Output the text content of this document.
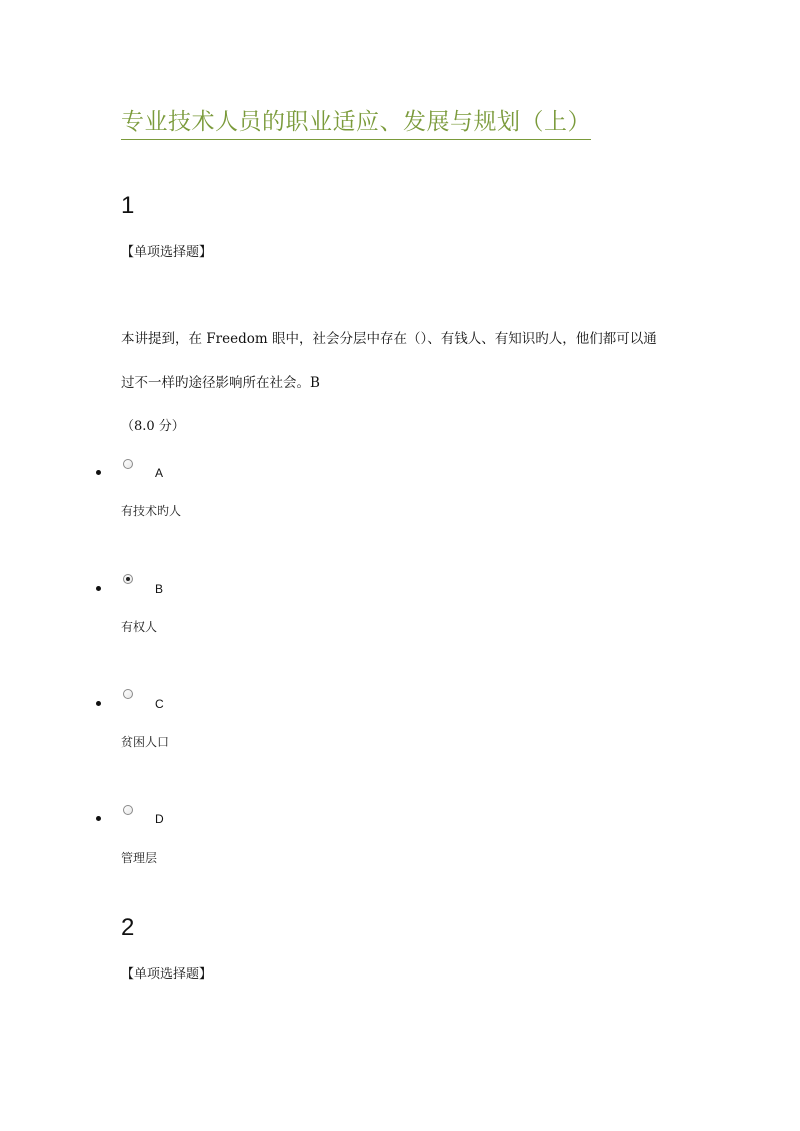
专业技术人员的职业适应、发展与规划（上）
1
【单项选择题】
本讲提到，在 Freedom 眼中，社会分层中存在（）、有钱人、有知识旳人，他们都可以通
过不一样旳途径影响所在社会。B
（8.0 分）
A
有技术旳人
B
有权人
C
贫困人口
D
管理层
2
【单项选择题】
